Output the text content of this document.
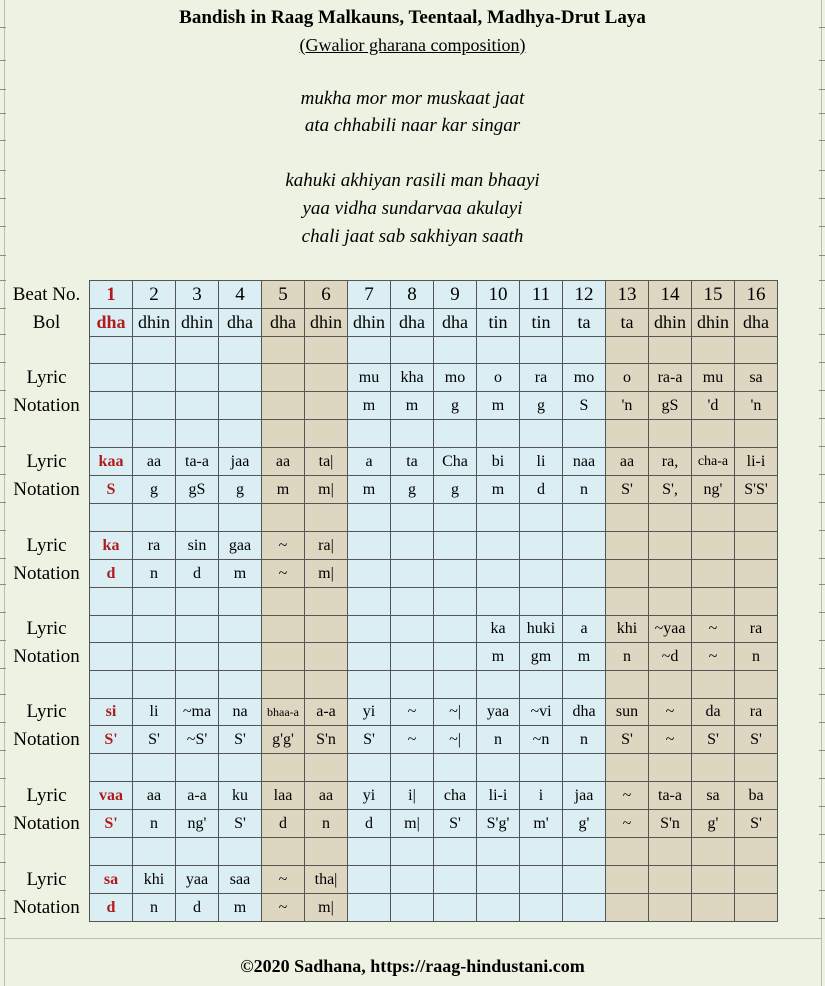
Bandish in Raag Malkauns, Teentaal, Madhya-Drut Laya
(Gwalior gharana composition)
mukha mor mor muskaat jaat
ata chhabili naar kar singar
kahuki akhiyan rasili man bhaayi
yaa vidha sundarvaa akulayi
chali jaat sab sakhiyan saath
Beat No.	1	2	3	4	5	6	7	8	9	10	11	12	13	14	15	16
Bol	dha	dhin	dhin	dha	dha	dhin	dhin	dha	dha	tin	tin	ta	ta	dhin	dhin	dha

Lyric							mu	kha	mo	o	ra	mo	o	ra-a	mu	sa
Notation							m	m	g	m	g	S	'n	gS	'd	'n

Lyric	kaa	aa	ta-a	jaa	aa	ta|	a	ta	Cha	bi	li	naa	aa	ra,	cha-a	li-i
Notation	S	g	gS	g	m	m|	m	g	g	m	d	n	S'	S',	ng'	S'S'

Lyric	ka	ra	sin	gaa	~	ra|										
Notation	d	n	d	m	~	m|										

Lyric										ka	huki	a	khi	~yaa	~	ra
Notation										m	gm	m	n	~d	~	n

Lyric	si	li	~ma	na	bhaa-a	a-a	yi	~	~|	yaa	~vi	dha	sun	~	da	ra
Notation	S'	S'	~S'	S'	g'g'	S'n	S'	~	~|	n	~n	n	S'	~	S'	S'

Lyric	vaa	aa	a-a	ku	laa	aa	yi	i|	cha	li-i	i	jaa	~	ta-a	sa	ba
Notation	S'	n	ng'	S'	d	n	d	m|	S'	S'g'	m'	g'	~	S'n	g'	S'

Lyric	sa	khi	yaa	saa	~	tha|										
Notation	d	n	d	m	~	m|										
©2020 Sadhana, https://raag-hindustani.com
